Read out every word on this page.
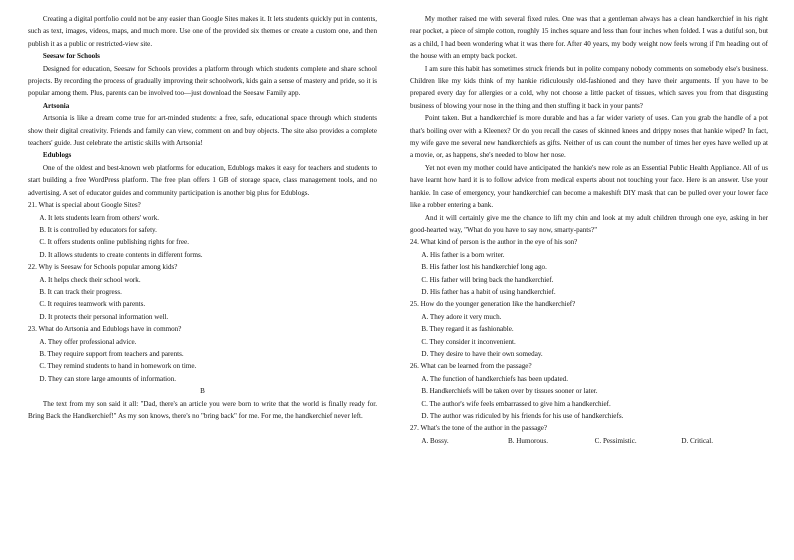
Creating a digital portfolio could not be any easier than Google Sites makes it. It lets students quickly put in contents, such as text, images, videos, maps, and much more. Use one of the provided six themes or create a custom one, and then publish it as a public or restricted-view site.

Seesaw for Schools

Designed for education, Seesaw for Schools provides a platform through which students complete and share school projects. By recording the process of gradually improving their schoolwork, kids gain a sense of mastery and pride, so it is popular among them. Plus, parents can be involved too—just download the Seesaw Family app.

Artsonia

Artsonia is like a dream come true for art-minded students: a free, safe, educational space through which students show their digital creativity. Friends and family can view, comment on and buy objects. The site also provides a complete teachers' guide. Just celebrate the artistic skills with Artsonia!

Edublogs

One of the oldest and best-known web platforms for education, Edublogs makes it easy for teachers and students to start building a free WordPress platform. The free plan offers 1 GB of storage space, class management tools, and no advertising. A set of educator guides and community participation is another big plus for Edublogs.

21. What is special about Google Sites?

A. It lets students learn from others' work.

B. It is controlled by educators for safety.

C. It offers students online publishing rights for free.

D. It allows students to create contents in different forms.

22. Why is Seesaw for Schools popular among kids?

A. It helps check their school work.

B. It can track their progress.

C. It requires teamwork with parents.

D. It protects their personal information well.

23. What do Artsonia and Edublogs have in common?

A. They offer professional advice.

B. They require support from teachers and parents.

C. They remind students to hand in homework on time.

D. They can store large amounts of information.

B

The text from my son said it all: "Dad, there's an article you were born to write that the world is finally ready for. Bring Back the Handkerchief!" As my son knows, there's no "bring back" for me. For me, the handkerchief never left.

My mother raised me with several fixed rules. One was that a gentleman always has a clean handkerchief in his right rear pocket, a piece of simple cotton, roughly 15 inches square and less than four inches when folded. I was a dutiful son, but as a child, I had been wondering what it was there for. After 40 years, my body weight now feels wrong if I'm heading out of the house with an empty back pocket.

I am sure this habit has sometimes struck friends but in polite company nobody comments on somebody else's business. Children like my kids think of my hankie ridiculously old-fashioned and they have their arguments. If you have to be prepared every day for allergies or a cold, why not choose a little packet of tissues, which saves you from that disgusting business of blowing your nose in the thing and then stuffing it back in your pants?

Point taken. But a handkerchief is more durable and has a far wider variety of uses. Can you grab the handle of a pot that's boiling over with a Kleenex? Or do you recall the cases of skinned knees and drippy noses that hankie wiped? In fact, my wife gave me several new handkerchiefs as gifts. Neither of us can count the number of times her eyes have welled up at a movie, or, as happens, she's needed to blow her nose.

Yet not even my mother could have anticipated the hankie's new role as an Essential Public Health Appliance. All of us have learnt how hard it is to follow advice from medical experts about not touching your face. Here is an answer. Use your hankie. In case of emergency, your handkerchief can become a makeshift DIY mask that can be pulled over your lower face like a robber entering a bank.

And it will certainly give me the chance to lift my chin and look at my adult children through one eye, asking in her good-hearted way, "What do you have to say now, smarty-pants?"

24. What kind of person is the author in the eye of his son?

A. His father is a born writer.

B. His father lost his handkerchief long ago.

C. His father will bring back the handkerchief.

D. His father has a habit of using handkerchief.

25. How do the younger generation like the handkerchief?

A. They adore it very much.

B. They regard it as fashionable.

C. They consider it inconvenient.

D. They desire to have their own someday.

26. What can be learned from the passage?

A. The function of handkerchiefs has been updated.

B. Handkerchiefs will be taken over by tissues sooner or later.

C. The author's wife feels embarrassed to give him a handkerchief.

D. The author was ridiculed by his friends for his use of handkerchiefs.

27. What's the tone of the author in the passage?

A. Bossy.	B. Humorous.	C. Pessimistic.	D. Critical.
